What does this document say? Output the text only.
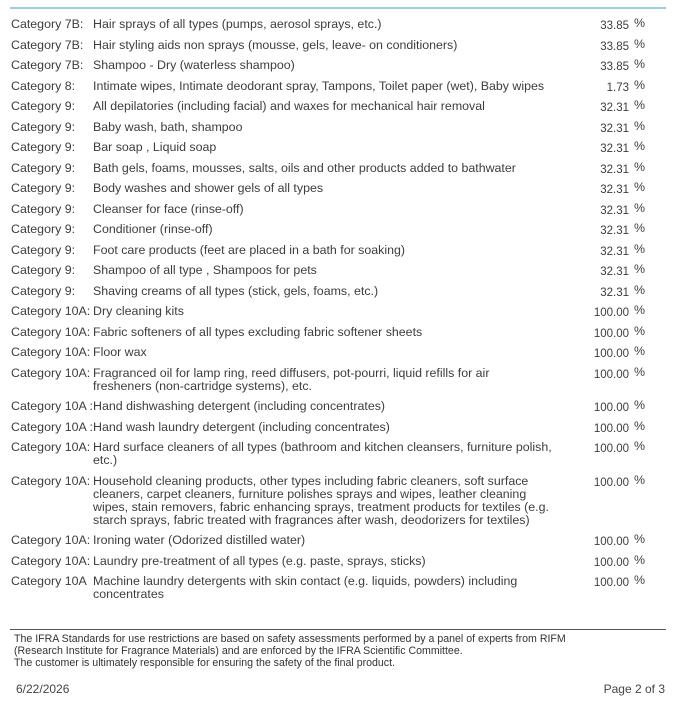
Category 7B: Hair sprays of all types (pumps, aerosol sprays, etc.)	33.85 %
Category 7B: Hair styling aids non sprays (mousse, gels, leave- on conditioners)	33.85 %
Category 7B: Shampoo - Dry (waterless shampoo)	33.85 %
Category 8: Intimate wipes, Intimate deodorant spray, Tampons, Toilet paper (wet), Baby wipes	1.73 %
Category 9: All depilatories (including facial) and waxes for mechanical hair removal	32.31 %
Category 9: Baby wash, bath, shampoo	32.31 %
Category 9: Bar soap , Liquid soap	32.31 %
Category 9: Bath gels, foams, mousses, salts, oils and other products added to bathwater	32.31 %
Category 9: Body washes and shower gels of all types	32.31 %
Category 9: Cleanser for face (rinse-off)	32.31 %
Category 9: Conditioner (rinse-off)	32.31 %
Category 9: Foot care products (feet are placed in a bath for soaking)	32.31 %
Category 9: Shampoo of all type , Shampoos for pets	32.31 %
Category 9: Shaving creams of all types (stick, gels, foams, etc.)	32.31 %
Category 10A: Dry cleaning kits	100.00 %
Category 10A: Fabric softeners of all types excluding fabric softener sheets	100.00 %
Category 10A: Floor wax	100.00 %
Category 10A: Fragranced oil for lamp ring, reed diffusers, pot-pourri, liquid refills for air
fresheners (non-cartridge systems), etc.
100.00 %
Category 10A : Hand dishwashing detergent (including concentrates)	100.00 %
Category 10A : Hand wash laundry detergent (including concentrates)	100.00 %
Category 10A: Hard surface cleaners of all types (bathroom and kitchen cleansers, furniture polish,
etc.)
100.00 %
Category 10A: Household cleaning products, other types including fabric cleaners, soft surface
cleaners, carpet cleaners, furniture polishes sprays and wipes, leather cleaning
wipes, stain removers, fabric enhancing sprays, treatment products for textiles (e.g.
starch sprays, fabric treated with fragrances after wash, deodorizers for textiles)
100.00 %
Category 10A: Ironing water (Odorized distilled water)	100.00 %
Category 10A: Laundry pre-treatment of all types (e.g. paste, sprays, sticks)	100.00 %
Category 10A Machine laundry detergents with skin contact (e.g. liquids, powders) including
concentrates
100.00 %
The IFRA Standards for use restrictions are based on safety assessments performed by a panel of experts from RIFM
(Research Institute for Fragrance Materials) and are enforced by the IFRA Scientific Committee.
The customer is ultimately responsible for ensuring the safety of the final product.
6/22/2026	Page 2 of 3
